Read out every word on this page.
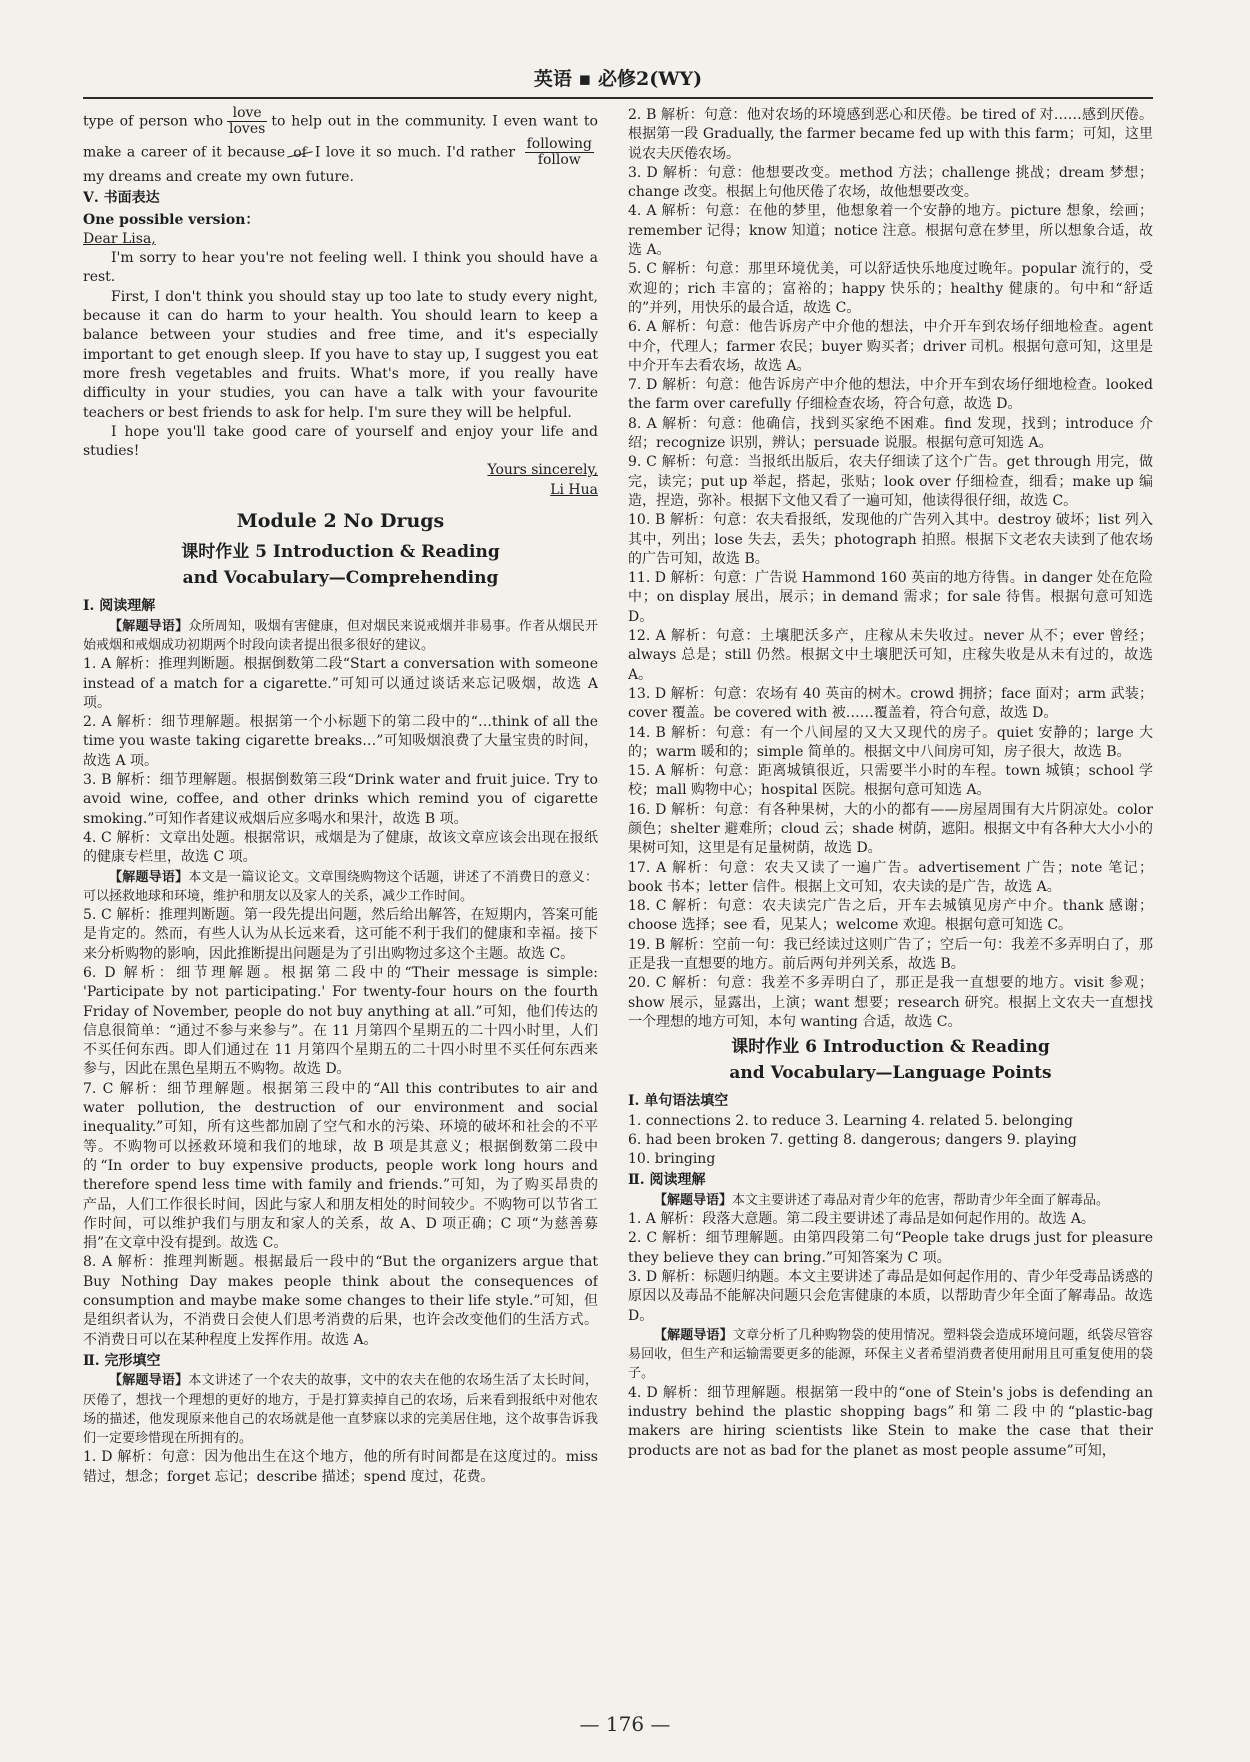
英语 ▪ 必修2(WY)

type of person who $\frac{\text{love}}{\text{loves}}$ to help out in the community. I even want to make a career of it because of I love it so much. I'd rather $\frac{\text{following}}{\text{follow}}$
my dreams and create my own future.

Ⅴ. 书面表达

One possible version：

Dear Lisa,

I'm sorry to hear you're not feeling well. I think you should have a rest.

First, I don't think you should stay up too late to study every night, because it can do harm to your health. You should learn to keep a balance between your studies and free time, and it's especially important to get enough sleep. If you have to stay up, I suggest you eat more fresh vegetables and fruits. What's more, if you really have difficulty in your studies, you can have a talk with your favourite teachers or best friends to ask for help. I'm sure they will be helpful.

I hope you'll take good care of yourself and enjoy your life and studies!

Yours sincerely,

Li Hua

Module 2 No Drugs

课时作业 5 Introduction & Reading
and Vocabulary—Comprehending

Ⅰ. 阅读理解

【解题导语】众所周知，吸烟有害健康，但对烟民来说戒烟并非易事。作者从烟民开始戒烟和戒烟成功初期两个时段向读者提出很多很好的建议。

1. A 解析：推理判断题。根据倒数第二段“Start a conversation with someone instead of a match for a cigarette.”可知可以通过谈话来忘记吸烟，故选 A 项。

2. A 解析：细节理解题。根据第一个小标题下的第二段中的“…think of all the time you waste taking cigarette breaks…”可知吸烟浪费了大量宝贵的时间，故选 A 项。

3. B 解析：细节理解题。根据倒数第三段“Drink water and fruit juice. Try to avoid wine, coffee, and other drinks which remind you of cigarette smoking.”可知作者建议戒烟后应多喝水和果汁，故选 B 项。

4. C 解析：文章出处题。根据常识，戒烟是为了健康，故该文章应该会出现在报纸的健康专栏里，故选 C 项。

【解题导语】本文是一篇议论文。文章围绕购物这个话题，讲述了不消费日的意义：可以拯救地球和环境，维护和朋友以及家人的关系，减少工作时间。

5. C 解析：推理判断题。第一段先提出问题，然后给出解答，在短期内，答案可能是肯定的。然而，有些人认为从长远来看，这可能不利于我们的健康和幸福。接下来分析购物的影响，因此推断提出问题是为了引出购物过多这个主题。故选 C。

6. D 解析：细节理解题。根据第二段中的“Their message is simple: 'Participate by not participating.' For twenty-four hours on the fourth Friday of November, people do not buy anything at all.”可知，他们传达的信息很简单：“通过不参与来参与”。在 11 月第四个星期五的二十四小时里，人们不买任何东西。即人们通过在 11 月第四个星期五的二十四小时里不买任何东西来参与，因此在黑色星期五不购物。故选 D。

7. C 解析：细节理解题。根据第三段中的“All this contributes to air and water pollution, the destruction of our environment and social inequality.”可知，所有这些都加剧了空气和水的污染、环境的破坏和社会的不平等。不购物可以拯救环境和我们的地球，故 B 项是其意义；根据倒数第二段中的“In order to buy expensive products, people work long hours and therefore spend less time with family and friends.”可知，为了购买昂贵的产品，人们工作很长时间，因此与家人和朋友相处的时间较少。不购物可以节省工作时间，可以维护我们与朋友和家人的关系，故 A、D 项正确；C 项“为慈善募捐”在文章中没有提到。故选 C。

8. A 解析：推理判断题。根据最后一段中的“But the organizers argue that Buy Nothing Day makes people think about the consequences of consumption and maybe make some changes to their life style.”可知，但是组织者认为，不消费日会使人们思考消费的后果，也许会改变他们的生活方式。不消费日可以在某种程度上发挥作用。故选 A。

Ⅱ. 完形填空

【解题导语】本文讲述了一个农夫的故事，文中的农夫在他的农场生活了太长时间，厌倦了，想找一个理想的更好的地方，于是打算卖掉自己的农场，后来看到报纸中对他农场的描述，他发现原来他自己的农场就是他一直梦寐以求的完美居住地，这个故事告诉我们一定要珍惜现在所拥有的。

1. D 解析：句意：因为他出生在这个地方，他的所有时间都是在这度过的。miss 错过，想念；forget 忘记；describe 描述；spend 度过，花费。

2. B 解析：句意：他对农场的环境感到恶心和厌倦。be tired of 对……感到厌倦。根据第一段 Gradually, the farmer became fed up with this farm；可知，这里说农夫厌倦农场。

3. D 解析：句意：他想要改变。method 方法；challenge 挑战；dream 梦想；change 改变。根据上句他厌倦了农场，故他想要改变。

4. A 解析：句意：在他的梦里，他想象着一个安静的地方。picture 想象，绘画；remember 记得；know 知道；notice 注意。根据句意在梦里，所以想象合适，故选 A。

5. C 解析：句意：那里环境优美，可以舒适快乐地度过晚年。popular 流行的，受欢迎的；rich 丰富的；富裕的；happy 快乐的；healthy 健康的。句中和“舒适的”并列，用快乐的最合适，故选 C。

6. A 解析：句意：他告诉房产中介他的想法，中介开车到农场仔细地检查。agent 中介，代理人；farmer 农民；buyer 购买者；driver 司机。根据句意可知，这里是中介开车去看农场，故选 A。

7. D 解析：句意：他告诉房产中介他的想法，中介开车到农场仔细地检查。looked the farm over carefully 仔细检查农场，符合句意，故选 D。

8. A 解析：句意：他确信，找到买家绝不困难。find 发现，找到；introduce 介绍；recognize 识别，辨认；persuade 说服。根据句意可知选 A。

9. C 解析：句意：当报纸出版后，农夫仔细读了这个广告。get through 用完，做完，读完；put up 举起，搭起，张贴；look over 仔细检查，细看；make up 编造，捏造，弥补。根据下文他又看了一遍可知，他读得很仔细，故选 C。

10. B 解析：句意：农夫看报纸，发现他的广告列入其中。destroy 破坏；list 列入其中，列出；lose 失去，丢失；photograph 拍照。根据下文老农夫读到了他农场的广告可知，故选 B。

11. D 解析：句意：广告说 Hammond 160 英亩的地方待售。in danger 处在危险中；on display 展出，展示；in demand 需求；for sale 待售。根据句意可知选 D。

12. A 解析：句意：土壤肥沃多产，庄稼从未失收过。never 从不；ever 曾经；always 总是；still 仍然。根据文中土壤肥沃可知，庄稼失收是从未有过的，故选 A。

13. D 解析：句意：农场有 40 英亩的树木。crowd 拥挤；face 面对；arm 武装；cover 覆盖。be covered with 被……覆盖着，符合句意，故选 D。

14. B 解析：句意：有一个八间屋的又大又现代的房子。quiet 安静的；large 大的；warm 暖和的；simple 简单的。根据文中八间房可知，房子很大，故选 B。

15. A 解析：句意：距离城镇很近，只需要半小时的车程。town 城镇；school 学校；mall 购物中心；hospital 医院。根据句意可知选 A。

16. D 解析：句意：有各种果树，大的小的都有——房屋周围有大片阴凉处。color 颜色；shelter 避难所；cloud 云；shade 树荫，遮阳。根据文中有各种大大小小的果树可知，这里是有足量树荫，故选 D。

17. A 解析：句意：农夫又读了一遍广告。advertisement 广告；note 笔记；book 书本；letter 信件。根据上文可知，农夫读的是广告，故选 A。

18. C 解析：句意：农夫读完广告之后，开车去城镇见房产中介。thank 感谢；choose 选择；see 看，见某人；welcome 欢迎。根据句意可知选 C。

19. B 解析：空前一句：我已经读过这则广告了；空后一句：我差不多弄明白了，那正是我一直想要的地方。前后两句并列关系，故选 B。

20. C 解析：句意：我差不多弄明白了，那正是我一直想要的地方。visit 参观；show 展示，显露出，上演；want 想要；research 研究。根据上文农夫一直想找一个理想的地方可知，本句 wanting 合适，故选 C。

课时作业 6 Introduction & Reading
and Vocabulary—Language Points

Ⅰ. 单句语法填空

1. connections 2. to reduce 3. Learning 4. related 5. belonging

6. had been broken 7. getting 8. dangerous; dangers 9. playing

10. bringing

Ⅱ. 阅读理解

【解题导语】本文主要讲述了毒品对青少年的危害，帮助青少年全面了解毒品。

1. A 解析：段落大意题。第二段主要讲述了毒品是如何起作用的。故选 A。

2. C 解析：细节理解题。由第四段第二句“People take drugs just for pleasure they believe they can bring.”可知答案为 C 项。

3. D 解析：标题归纳题。本文主要讲述了毒品是如何起作用的、青少年受毒品诱惑的原因以及毒品不能解决问题只会危害健康的本质，以帮助青少年全面了解毒品。故选 D。

【解题导语】文章分析了几种购物袋的使用情况。塑料袋会造成环境问题，纸袋尽管容易回收，但生产和运输需要更多的能源，环保主义者希望消费者使用耐用且可重复使用的袋子。

4. D 解析：细节理解题。根据第一段中的“one of Stein's jobs is defending an industry behind the plastic shopping bags”和第二段中的“plastic-bag makers are hiring scientists like Stein to make the case that their products are not as bad for the planet as most people assume”可知，

— 176 —
